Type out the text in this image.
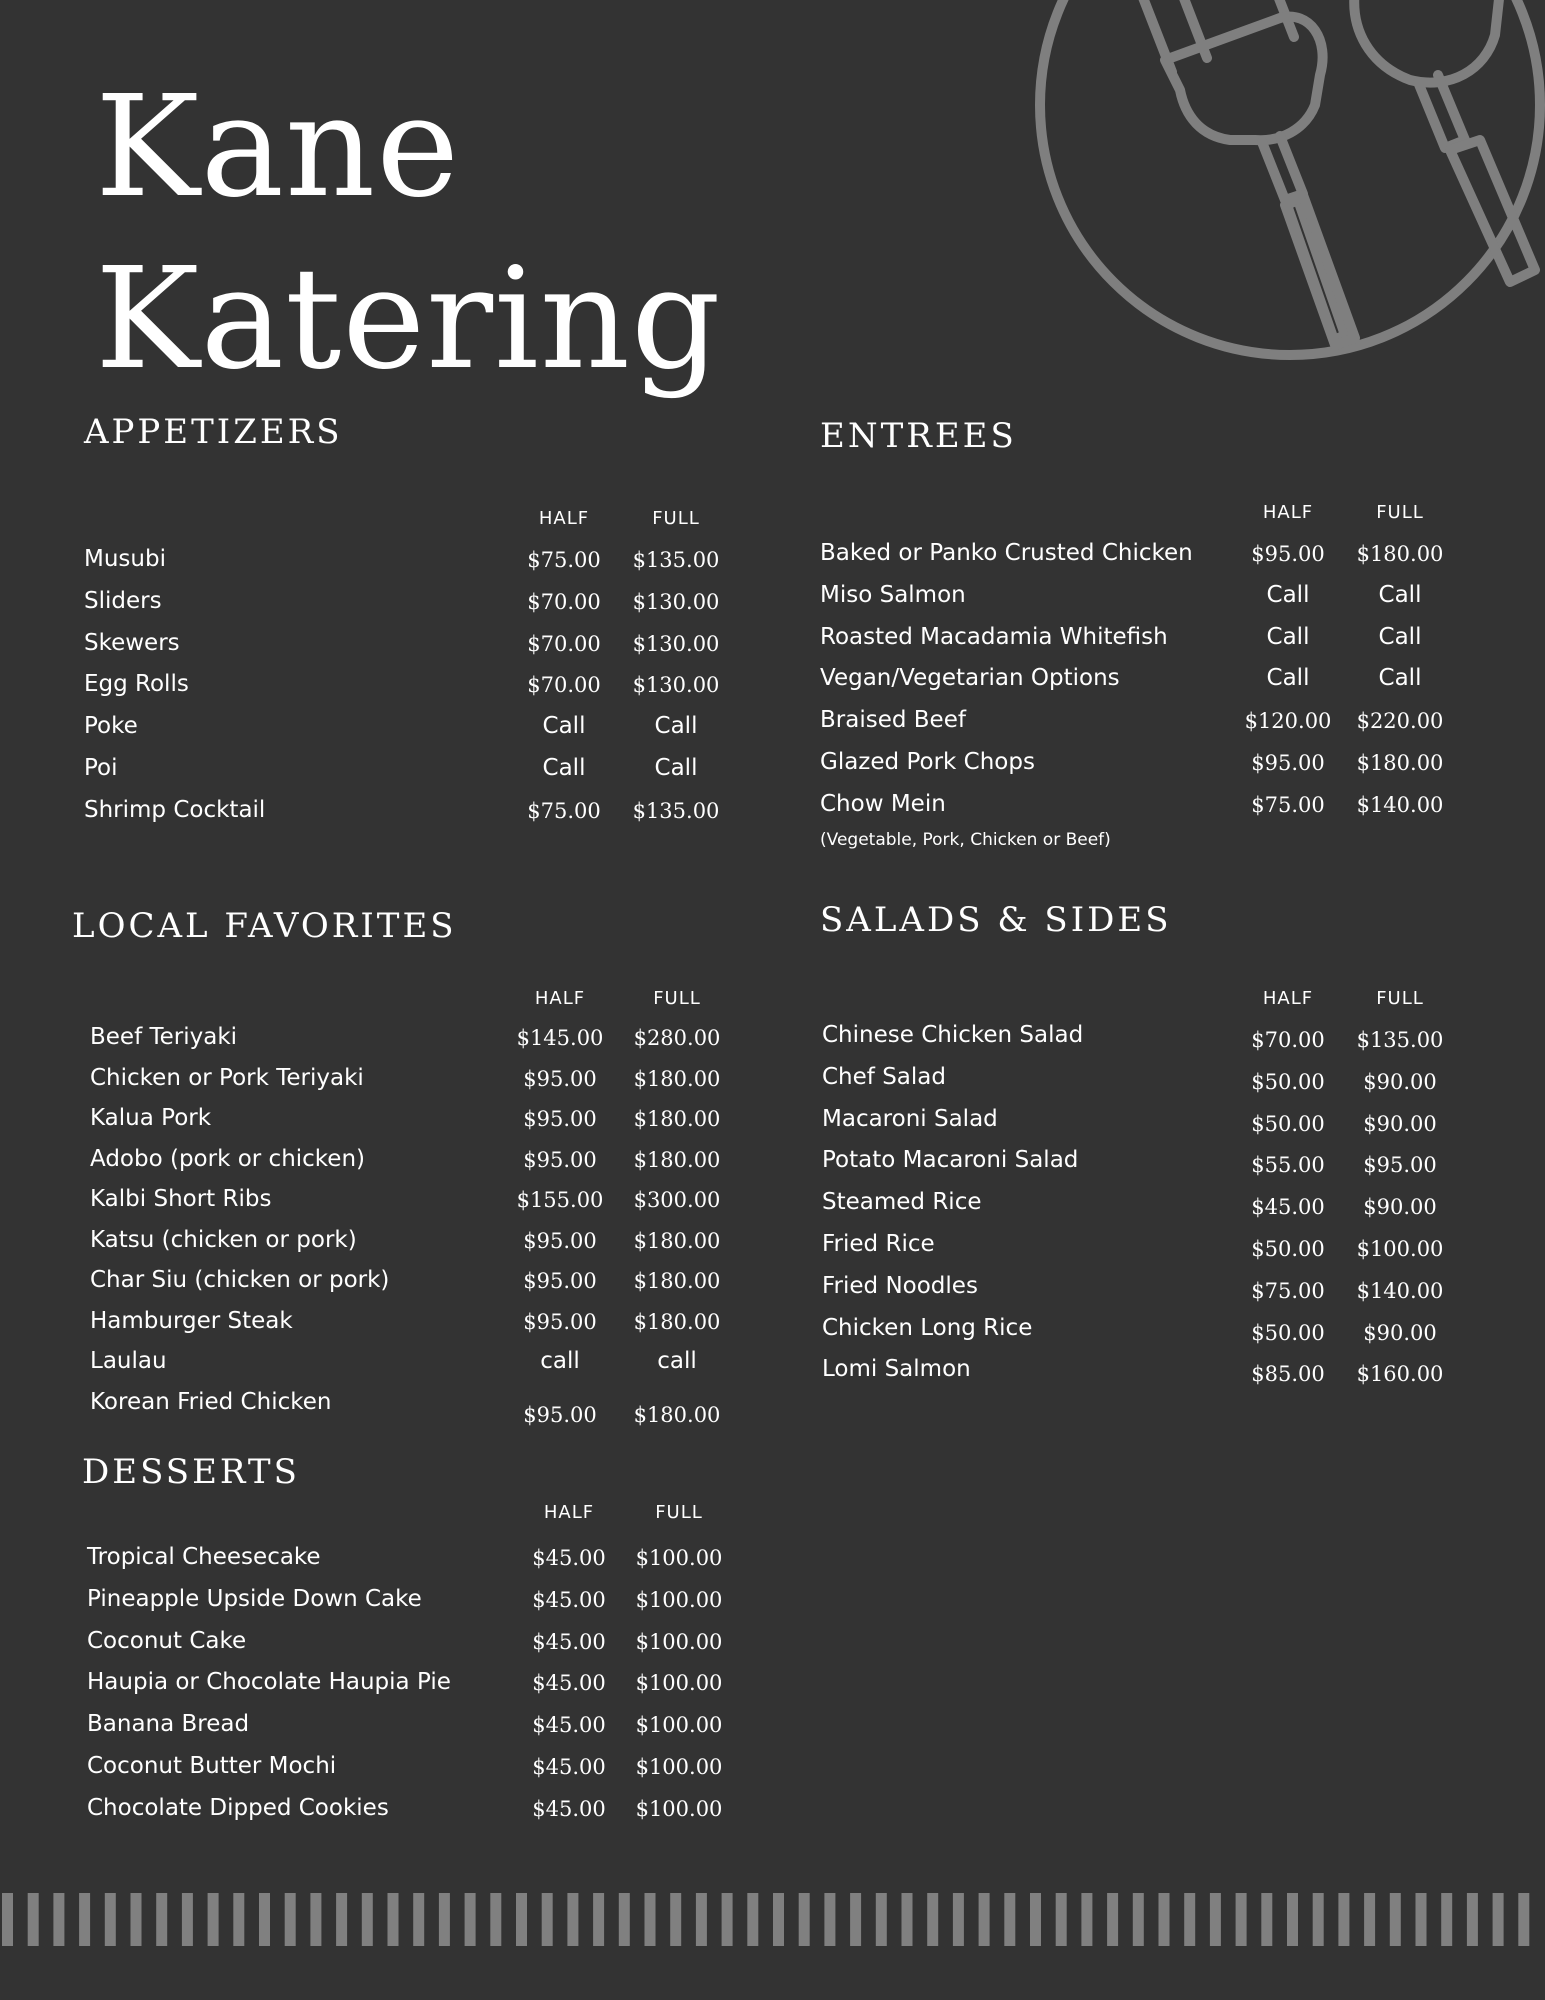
Kane
Katering
APPETIZERS
HALF	FULL
Musubi	$75.00	$135.00
Sliders	$70.00	$130.00
Skewers	$70.00	$130.00
Egg Rolls	$70.00	$130.00
Poke	Call	Call
Poi	Call	Call
Shrimp Cocktail	$75.00	$135.00
ENTREES
HALF	FULL
Baked or Panko Crusted Chicken	$95.00	$180.00
Miso Salmon	Call	Call
Roasted Macadamia Whitefish	Call	Call
Vegan/Vegetarian Options	Call	Call
Braised Beef	$120.00	$220.00
Glazed Pork Chops	$95.00	$180.00
Chow Mein	$75.00	$140.00
(Vegetable, Pork, Chicken or Beef)
LOCAL FAVORITES
HALF	FULL
Beef Teriyaki	$145.00	$280.00
Chicken or Pork Teriyaki	$95.00	$180.00
Kalua Pork	$95.00	$180.00
Adobo (pork or chicken)	$95.00	$180.00
Kalbi Short Ribs	$155.00	$300.00
Katsu (chicken or pork)	$95.00	$180.00
Char Siu (chicken or pork)	$95.00	$180.00
Hamburger Steak	$95.00	$180.00
Laulau	call	call
Korean Fried Chicken	$95.00	$180.00
SALADS & SIDES
HALF	FULL
Chinese Chicken Salad	$70.00	$135.00
Chef Salad	$50.00	$90.00
Macaroni Salad	$50.00	$90.00
Potato Macaroni Salad	$55.00	$95.00
Steamed Rice	$45.00	$90.00
Fried Rice	$50.00	$100.00
Fried Noodles	$75.00	$140.00
Chicken Long Rice	$50.00	$90.00
Lomi Salmon	$85.00	$160.00
DESSERTS
HALF	FULL
Tropical Cheesecake	$45.00	$100.00
Pineapple Upside Down Cake	$45.00	$100.00
Coconut Cake	$45.00	$100.00
Haupia or Chocolate Haupia Pie	$45.00	$100.00
Banana Bread	$45.00	$100.00
Coconut Butter Mochi	$45.00	$100.00
Chocolate Dipped Cookies	$45.00	$100.00
